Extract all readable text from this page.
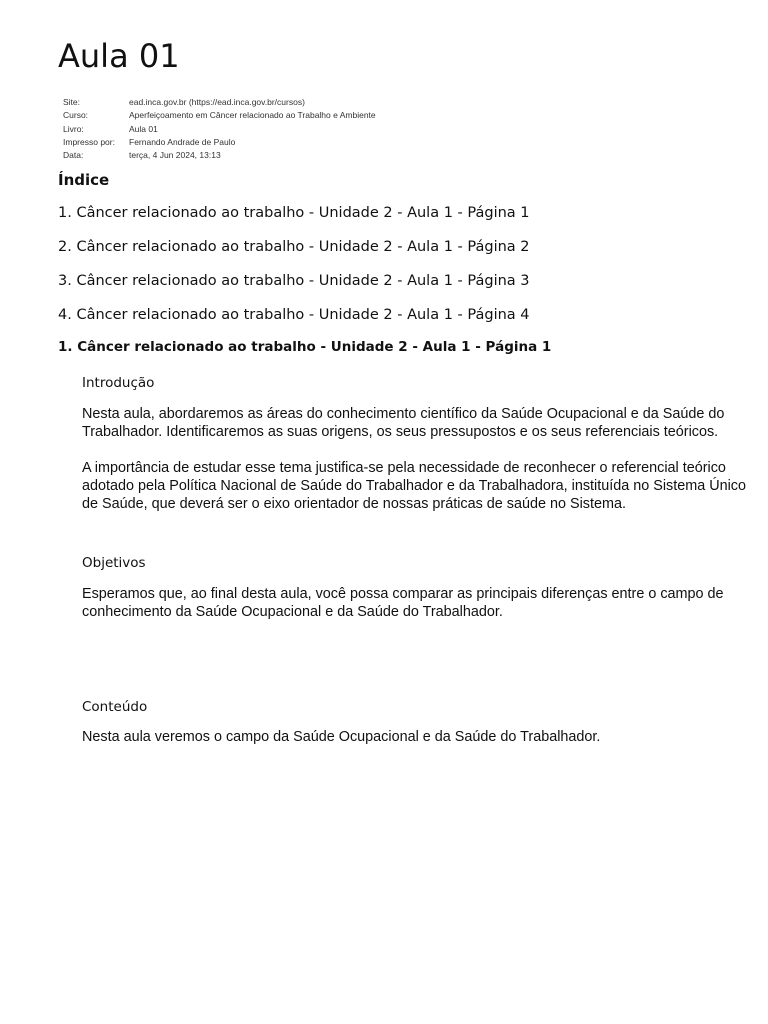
Aula 01
Site:	ead.inca.gov.br (https://ead.inca.gov.br/cursos)
Curso:	Aperfeiçoamento em Câncer relacionado ao Trabalho e Ambiente
Livro:	Aula 01
Impresso por:	Fernando Andrade de Paulo
Data:	terça, 4 Jun 2024, 13:13
Índice
1. Câncer relacionado ao trabalho - Unidade 2 - Aula 1 - Página 1
2. Câncer relacionado ao trabalho - Unidade 2 - Aula 1 - Página 2
3. Câncer relacionado ao trabalho - Unidade 2 - Aula 1 - Página 3
4. Câncer relacionado ao trabalho - Unidade 2 - Aula 1 - Página 4
1. Câncer relacionado ao trabalho - Unidade 2 - Aula 1 - Página 1
Introdução

Nesta aula, abordaremos as áreas do conhecimento científico da Saúde Ocupacional e da Saúde do Trabalhador. Identificaremos as suas origens, os seus pressupostos e os seus referenciais teóricos.

A importância de estudar esse tema justifica-se pela necessidade de reconhecer o referencial teórico adotado pela Política Nacional de Saúde do Trabalhador e da Trabalhadora, instituída no Sistema Único de Saúde, que deverá ser o eixo orientador de nossas práticas de saúde no Sistema.

Objetivos

Esperamos que, ao final desta aula, você possa comparar as principais diferenças entre o campo de conhecimento da Saúde Ocupacional e da Saúde do Trabalhador.

Conteúdo

Nesta aula veremos o campo da Saúde Ocupacional e da Saúde do Trabalhador.
